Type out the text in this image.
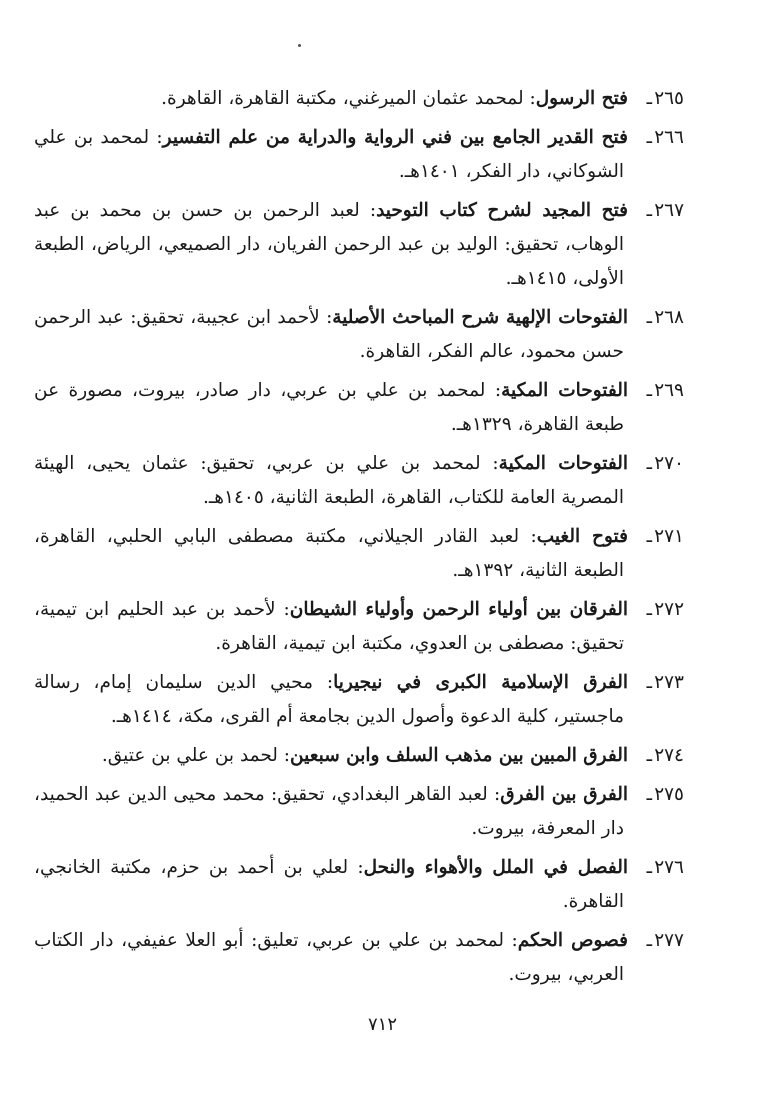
٢٦٥ـفتح الرسول: لمحمد عثمان الميرغني، مكتبة القاهرة، القاهرة.

٢٦٦ـفتح القدير الجامع بين فني الرواية والدراية من علم التفسير: لمحمد بن علي الشوكاني، دار الفكر، ١٤٠١هـ.

٢٦٧ـفتح المجيد لشرح كتاب التوحيد: لعبد الرحمن بن حسن بن محمد بن عبد الوهاب، تحقيق: الوليد بن عبد الرحمن الفريان، دار الصميعي، الرياض، الطبعة الأولى، ١٤١٥هـ.

٢٦٨ـالفتوحات الإلهية شرح المباحث الأصلية: لأحمد ابن عجيبة، تحقيق: عبد الرحمن حسن محمود، عالم الفكر، القاهرة.

٢٦٩ـالفتوحات المكية: لمحمد بن علي بن عربي، دار صادر، بيروت، مصورة عن طبعة القاهرة، ١٣٢٩هـ.

٢٧٠ـالفتوحات المكية: لمحمد بن علي بن عربي، تحقيق: عثمان يحيى، الهيئة المصرية العامة للكتاب، القاهرة، الطبعة الثانية، ١٤٠٥هـ.

٢٧١ـفتوح الغيب: لعبد القادر الجيلاني، مكتبة مصطفى البابي الحلبي، القاهرة، الطبعة الثانية، ١٣٩٢هـ.

٢٧٢ـالفرقان بين أولياء الرحمن وأولياء الشيطان: لأحمد بن عبد الحليم ابن تيمية، تحقيق: مصطفى بن العدوي، مكتبة ابن تيمية، القاهرة.

٢٧٣ـالفرق الإسلامية الكبرى في نيجيريا: محيي الدين سليمان إمام، رسالة ماجستير، كلية الدعوة وأصول الدين بجامعة أم القرى، مكة، ١٤١٤هـ.

٢٧٤ـالفرق المبين بين مذهب السلف وابن سبعين: لحمد بن علي بن عتيق.

٢٧٥ـالفرق بين الفرق: لعبد القاهر البغدادي، تحقيق: محمد محيى الدين عبد الحميد، دار المعرفة، بيروت.

٢٧٦ـالفصل في الملل والأهواء والنحل: لعلي بن أحمد بن حزم، مكتبة الخانجي، القاهرة.

٢٧٧ـفصوص الحكم: لمحمد بن علي بن عربي، تعليق: أبو العلا عفيفي، دار الكتاب العربي، بيروت.

٧١٢
